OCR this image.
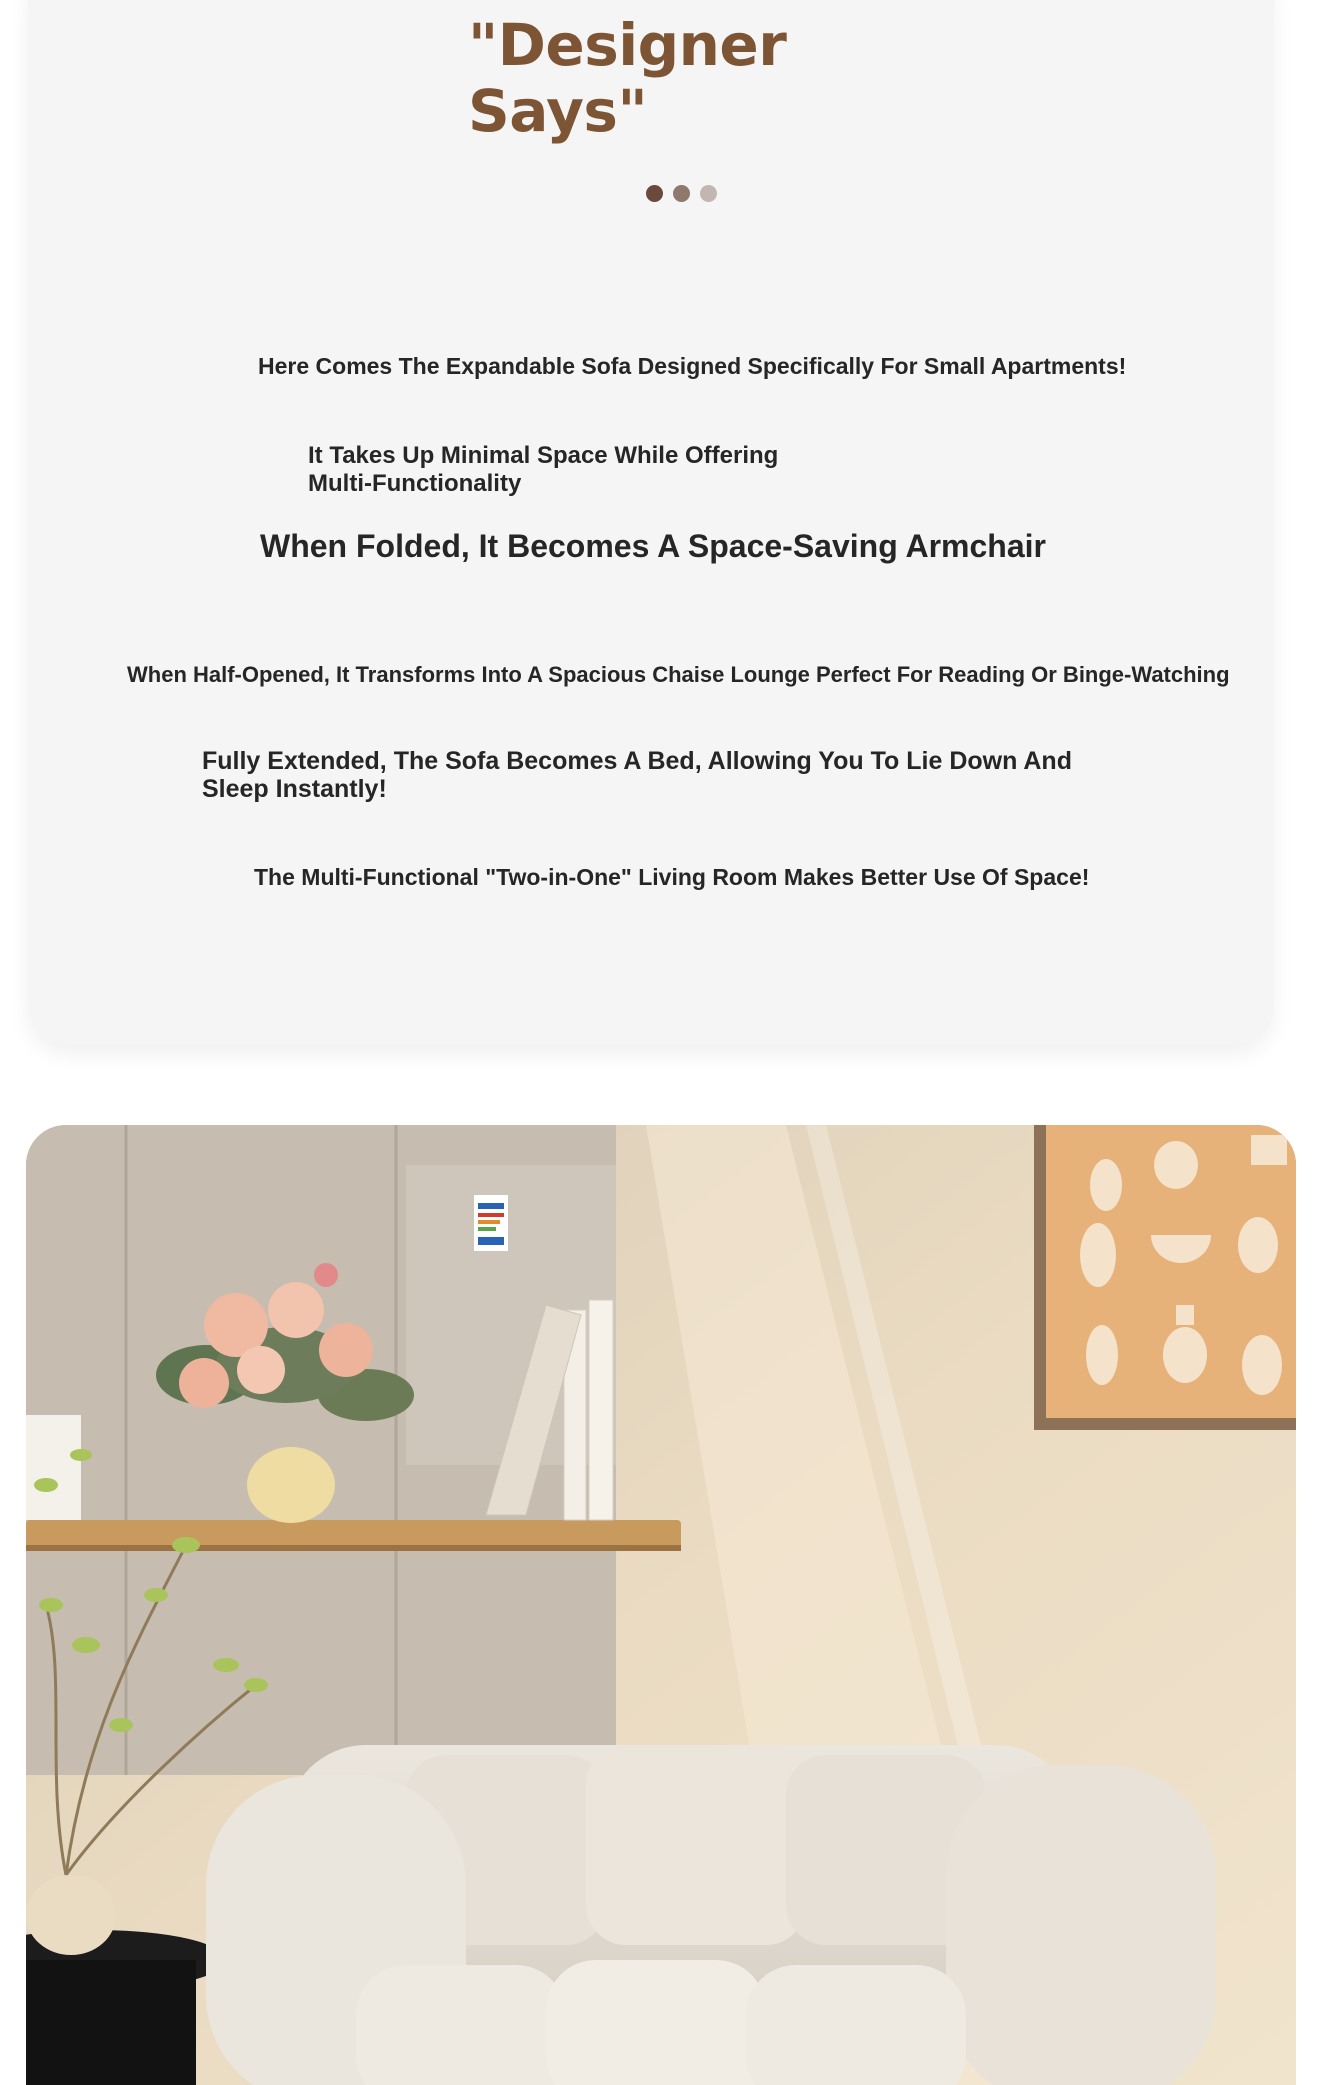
"Designer
Says"

Here Comes The Expandable Sofa Designed Specifically For Small Apartments!

It Takes Up Minimal Space While Offering

Multi-Functionality

When Folded, It Becomes A Space-Saving Armchair

When Half-Opened, It Transforms Into A Spacious Chaise Lounge Perfect For Reading Or Binge-Watching

Fully Extended, The Sofa Becomes A Bed, Allowing You To Lie Down And

Sleep Instantly!

The Multi-Functional "Two-in-One" Living Room Makes Better Use Of Space!
